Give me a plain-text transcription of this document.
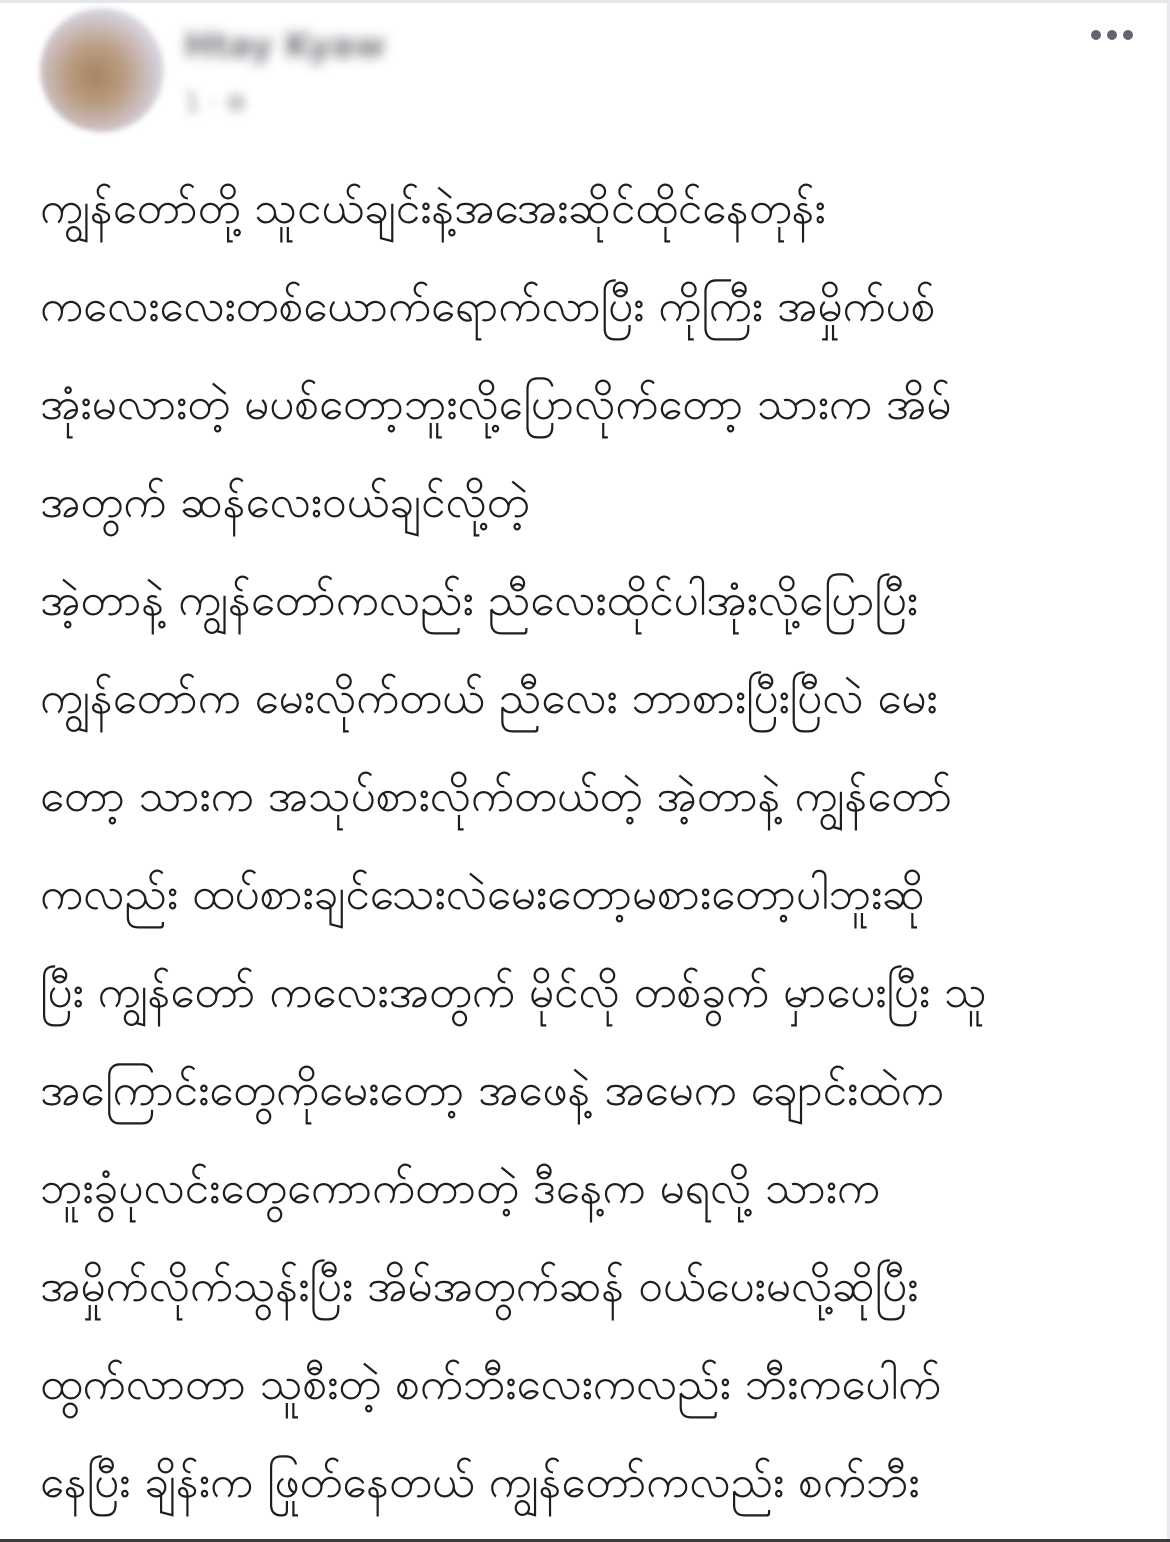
Htay Kyaw
1 · ⊕
ကျွန်တော်တို့ သူငယ်ချင်းနဲ့အအေးဆိုင်ထိုင်နေတုန်း
ကလေးလေးတစ်ယောက်ရောက်လာပြီး ကိုကြီး အမှိုက်ပစ်
အုံးမလားတဲ့ မပစ်တော့ဘူးလို့ပြောလိုက်တော့ သားက အိမ်
အတွက် ဆန်လေးဝယ်ချင်လို့တဲ့
အဲ့တာနဲ့ ကျွန်တော်ကလည်း ညီလေးထိုင်ပါအုံးလို့ပြောပြီး
ကျွန်တော်က မေးလိုက်တယ် ညီလေး ဘာစားပြီးပြီလဲ မေး
တော့ သားက အသုပ်စားလိုက်တယ်တဲ့ အဲ့တာနဲ့ ကျွန်တော်
ကလည်း ထပ်စားချင်သေးလဲမေးတော့မစားတော့ပါဘူးဆို
ပြီး ကျွန်တော် ကလေးအတွက် မိုင်လို တစ်ခွက် မှာပေးပြီး သူ
အကြောင်းတွေကိုမေးတော့ အဖေနဲ့ အမေက ချောင်းထဲက
ဘူးခွံပုလင်းတွေကောက်တာတဲ့ ဒီနေ့က မရလို့ သားက
အမှိုက်လိုက်သွန်းပြီး အိမ်အတွက်ဆန် ဝယ်ပေးမလို့ဆိုပြီး
ထွက်လာတာ သူစီးတဲ့ စက်ဘီးလေးကလည်း ဘီးကပေါက်
နေပြီး ချိန်းက ဖြုတ်နေတယ် ကျွန်တော်ကလည်း စက်ဘီး
